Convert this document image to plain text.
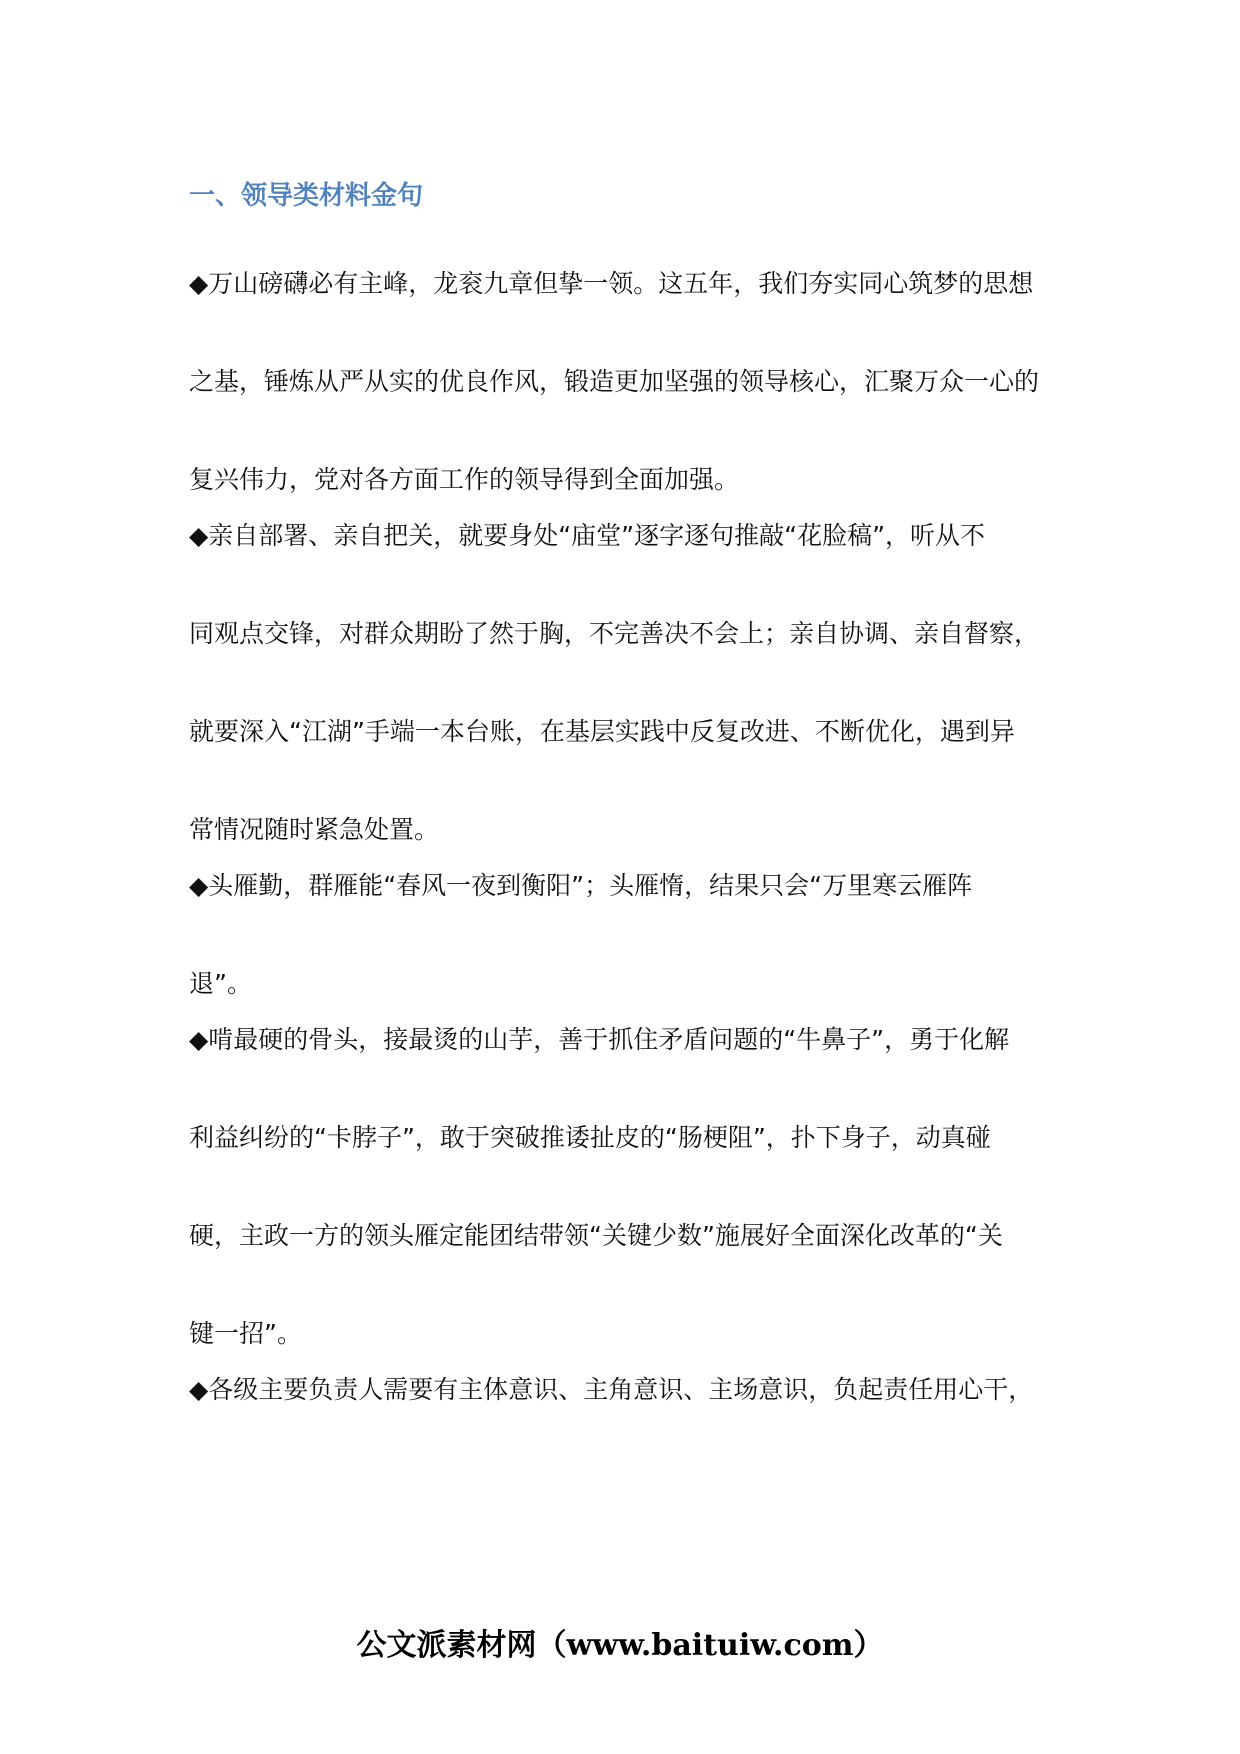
一、领导类材料金句
◆万山磅礴必有主峰，龙衮九章但挚一领。这五年，我们夯实同心筑梦的思想
之基，锤炼从严从实的优良作风，锻造更加坚强的领导核心，汇聚万众一心的
复兴伟力，党对各方面工作的领导得到全面加强。
◆亲自部署、亲自把关，就要身处“庙堂”逐字逐句推敲“花脸稿”，听从不
同观点交锋，对群众期盼了然于胸，不完善决不会上；亲自协调、亲自督察，
就要深入“江湖”手端一本台账，在基层实践中反复改进、不断优化，遇到异
常情况随时紧急处置。
◆头雁勤，群雁能“春风一夜到衡阳”；头雁惰，结果只会“万里寒云雁阵
退”。
◆啃最硬的骨头，接最烫的山芋，善于抓住矛盾问题的“牛鼻子”，勇于化解
利益纠纷的“卡脖子”，敢于突破推诿扯皮的“肠梗阻”，扑下身子，动真碰
硬，主政一方的领头雁定能团结带领“关键少数”施展好全面深化改革的“关
键一招”。
◆各级主要负责人需要有主体意识、主角意识、主场意识，负起责任用心干，
公文派素材网（www.baituiw.com）
